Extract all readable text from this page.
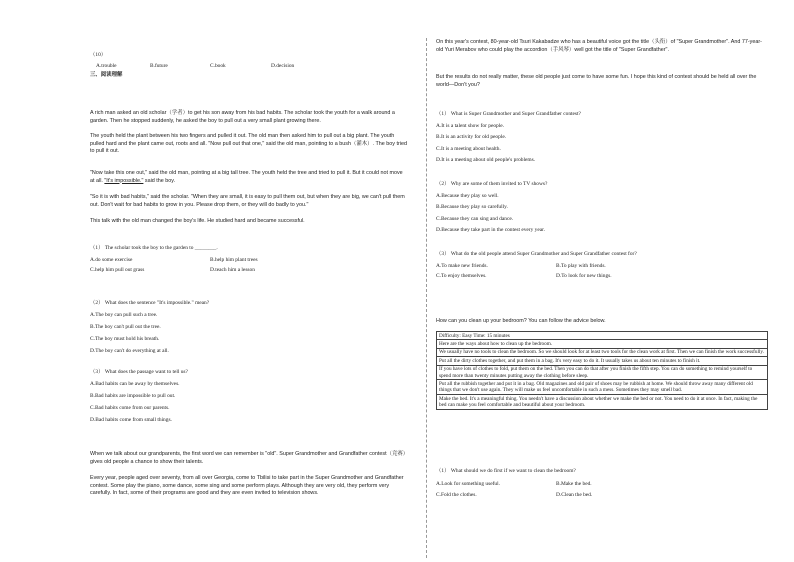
（10）
A.trouble	B.future	C.book	D.decision
三、阅读理解
A rich man asked an old scholar（学者）to get his son away from his bad habits. The scholar took the youth for a walk around a garden. Then he stopped suddenly, he asked the boy to pull out a very small plant growing there.
The youth held the plant between his two fingers and pulled it out. The old man then asked him to pull out a big plant. The youth pulled hard and the plant came out, roots and all. "Now pull out that one," said the old man, pointing to a bush（灌木）. The boy tried to pull it out.
"Now take this one out," said the old man, pointing at a big tall tree. The youth held the tree and tried to pull it. But it could not move at all. "It's impossible." said the boy.
"So it is with bad habits," said the scholar. "When they are small, it is easy to pull them out, but when they are big, we can't pull them out. Don't wait for bad habits to grow in you. Please drop them, or they will do badly to you."
This talk with the old man changed the boy's life. He studied hard and became successful.
（1） The scholar took the boy to the garden to ________.
A.do some exercise	B.help him plant trees
C.help him pull out grass	D.teach him a lesson
（2） What does the sentence "It's impossible." mean?
A.The boy can pull such a tree.
B.The boy can't pull out the tree.
C.The boy must hold his breath.
D.The boy can't do everything at all.
（3） What does the passage want to tell us?
A.Bad habits can be away by themselves.
B.Bad habits are impossible to pull out.
C.Bad habits come from our parents.
D.Bad habits come from small things.
When we talk about our grandparents, the first word we can remember is "old". Super Grandmother and Grandfather contest（竞赛）gives old people a chance to show their talents.
Every year, people aged over seventy, from all over Georgia, come to Tbilisi to take part in the Super Grandmother and Grandfather contest. Some play the piano, some dance, some sing and some perform plays. Although they are very old, they perform very carefully. In fact, some of their programs are good and they are even invited to television shows.
On this year's contest, 80-year-old Tsuri Kakabadze who has a beautiful voice got the title（头衔）of "Super Grandmother". And 77-year-old Yuri Merabov who could play the accordion（手风琴）well got the title of "Super Grandfather".
But the results do not really matter, these old people just come to have some fun. I hope this kind of contest should be held all over the world—Don't you?
（1） What is Super Grandmother and Super Grandfather contest?
A.It is a talent show for people.
B.It is an activity for old people.
C.It is a meeting about health.
D.It is a meeting about old people's problems.
（2） Why are some of them invited to TV shows?
A.Because they play so well.
B.Because they play so carefully.
C.Because they can sing and dance.
D.Because they take part in the contest every year.
（3） What do the old people attend Super Grandmother and Super Grandfather contest for?
A.To make new friends.	B.To play with friends.
C.To enjoy themselves.	D.To look for new things.
How can you clean up your bedroom? You can follow the advice below.
Difficulty: Easy Time: 15 minutes
Here are the ways about how to clean up the bedroom.
We usually have no tools to clean the bedroom. So we should look for at least two tools for the clean work at first. Then we can finish the work successfully.
Put all the dirty clothes together, and put them in a bag. It's very easy to do it. It usually takes us about ten minutes to finish it.
If you have lots of clothes to fold, put them on the bed. Then you can do that after you finish the fifth step. You can do something to remind yourself to spend more than twenty minutes putting away the clothing before sleep.
Put all the rubbish together and put it in a bag. Old magazines and old pair of shoes may be rubbish at home. We should throw away many different old things that we don't use again. They will make us feel uncomfortable in such a mess. Sometimes they may smell bad.
Make the bed. It's a meaningful thing. You needn't have a discussion about whether we make the bed or not. You need to do it at once. In fact, making the bed can make you feel comfortable and beautiful about your bedroom.
（1） What should we do first if we want to clean the bedroom?
A.Look for something useful.	B.Make the bed.
C.Fold the clothes.	D.Clean the bed.
